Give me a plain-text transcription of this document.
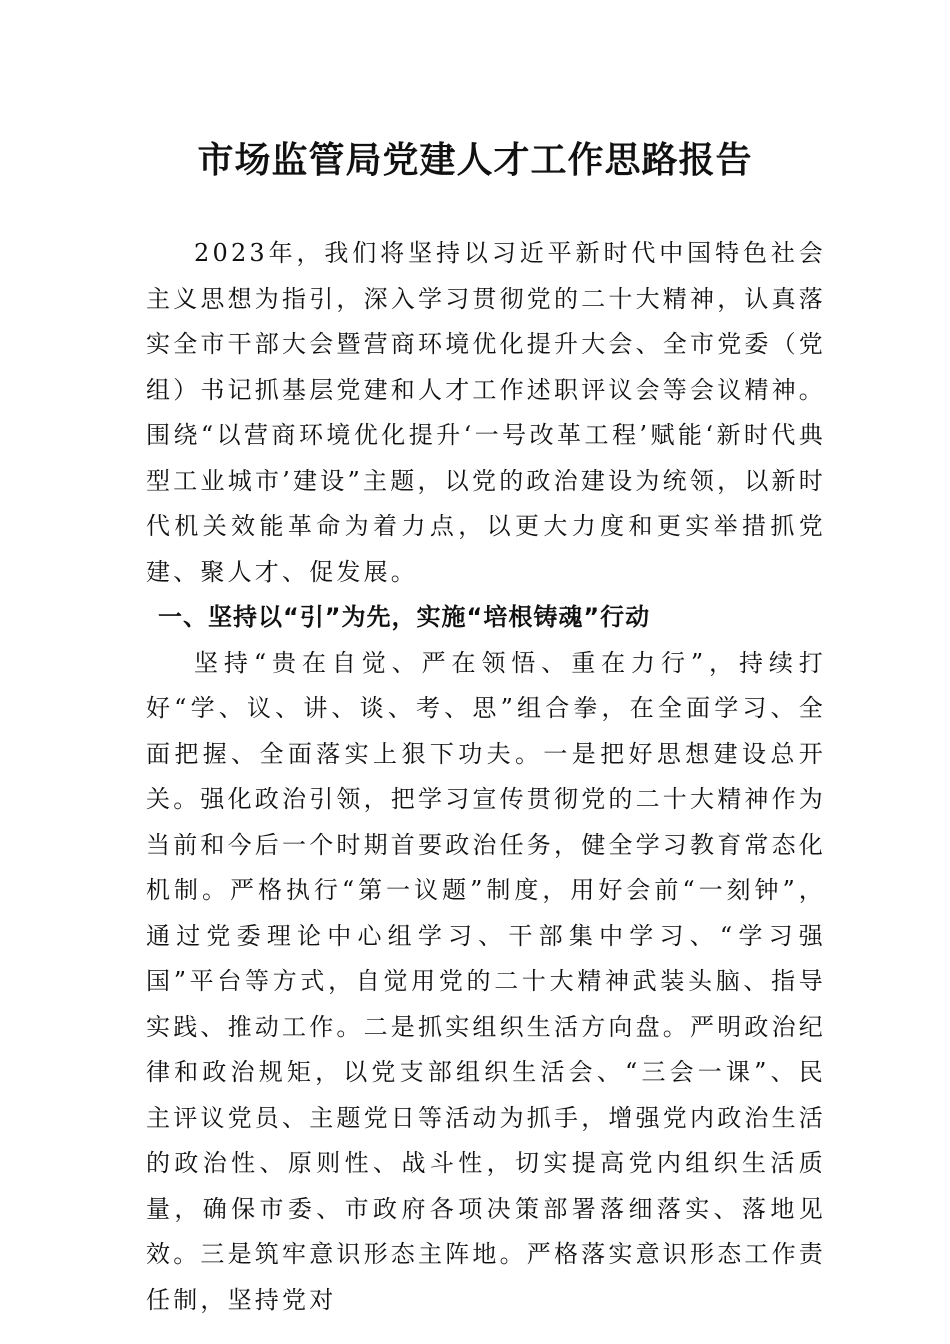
市场监管局党建人才工作思路报告

2023年，我们将坚持以习近平新时代中国特色社会主义思想为指引，深入学习贯彻党的二十大精神，认真落实全市干部大会暨营商环境优化提升大会、全市党委（党组）书记抓基层党建和人才工作述职评议会等会议精神。围绕“以营商环境优化提升‘一号改革工程’赋能‘新时代典型工业城市’建设”主题，以党的政治建设为统领，以新时代机关效能革命为着力点，以更大力度和更实举措抓党建、聚人才、促发展。

一、坚持以“引”为先，实施“培根铸魂”行动

坚持“贵在自觉、严在领悟、重在力行”，持续打好“学、议、讲、谈、考、思”组合拳，在全面学习、全面把握、全面落实上狠下功夫。一是把好思想建设总开关。强化政治引领，把学习宣传贯彻党的二十大精神作为当前和今后一个时期首要政治任务，健全学习教育常态化机制。严格执行“第一议题”制度，用好会前“一刻钟”，通过党委理论中心组学习、干部集中学习、“学习强国”平台等方式，自觉用党的二十大精神武装头脑、指导实践、推动工作。二是抓实组织生活方向盘。严明政治纪律和政治规矩，以党支部组织生活会、“三会一课”、民主评议党员、主题党日等活动为抓手，增强党内政治生活的政治性、原则性、战斗性，切实提高党内组织生活质量，确保市委、市政府各项决策部署落细落实、落地见效。三是筑牢意识形态主阵地。严格落实意识形态工作责任制，坚持党对
